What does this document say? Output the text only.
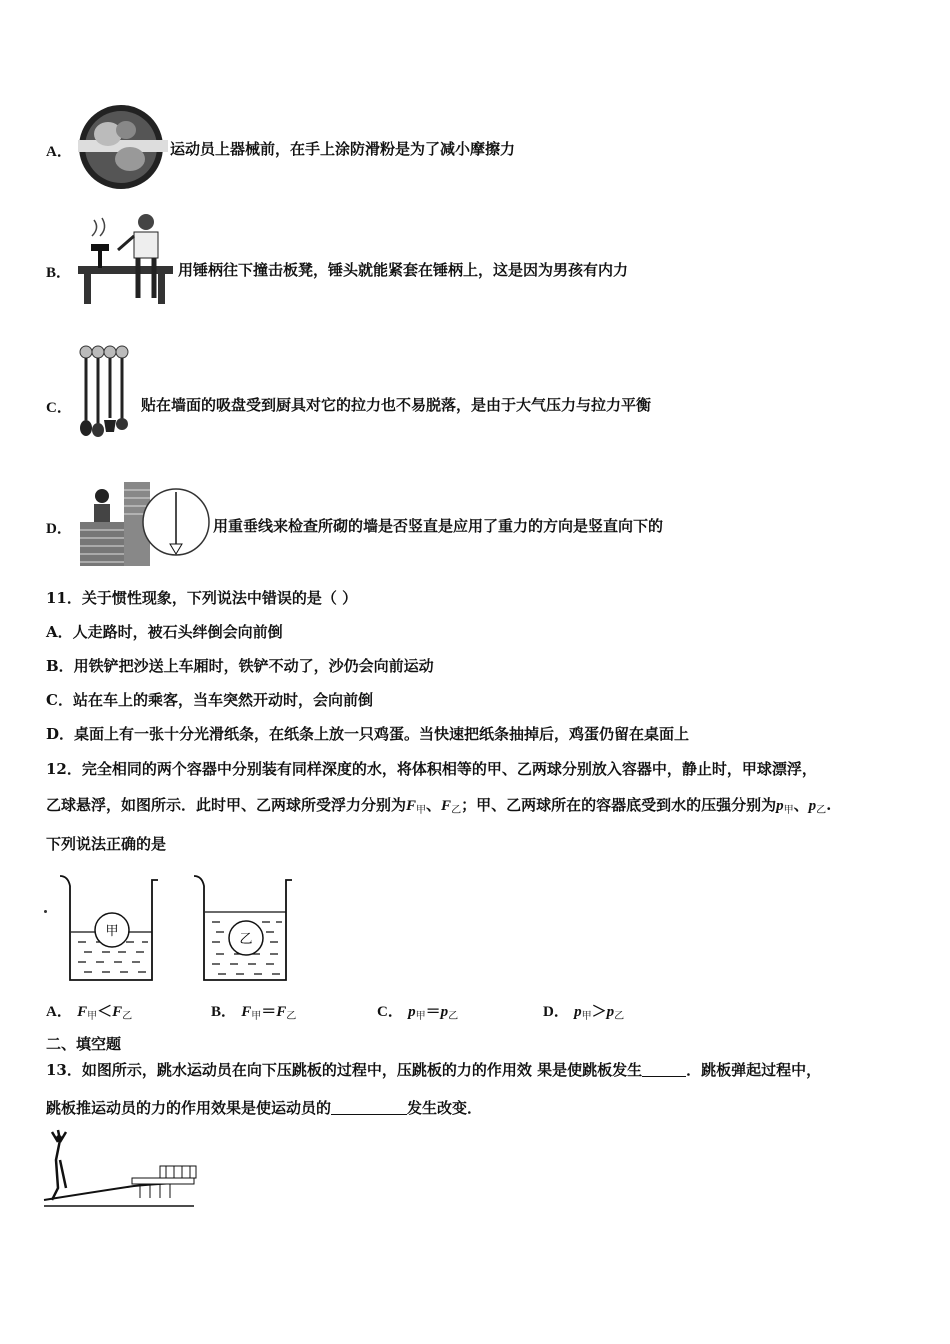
A．	运动员上器械前，在手上涂防滑粉是为了减小摩擦力
B．	用锤柄往下撞击板凳，锤头就能紧套在锤柄上，这是因为男孩有内力
C．	贴在墙面的吸盘受到厨具对它的拉力也不易脱落，是由于大气压力与拉力平衡
D．	用重垂线来检查所砌的墙是否竖直是应用了重力的方向是竖直向下的
11．关于惯性现象，下列说法中错误的是（ ）
A．人走路时，被石头绊倒会向前倒
B．用铁铲把沙送上车厢时，铁铲不动了，沙仍会向前运动
C．站在车上的乘客，当车突然开动时，会向前倒
D．桌面上有一张十分光滑纸条，在纸条上放一只鸡蛋。当快速把纸条抽掉后，鸡蛋仍留在桌面上
12．完全相同的两个容器中分别装有同样深度的水，将体积相等的甲、乙两球分别放入容器中，静止时，甲球漂浮，
乙球悬浮，如图所示．此时甲、乙两球所受浮力分别为$F_甲$、$F_乙$；甲、乙两球所在的容器底受到水的压强分别为$p_甲$、$p_乙$.
下列说法正确的是
甲
乙
A． $F_甲<F_乙$	B． $F_甲=F_乙$	C． $p_甲=p_乙$	D． $p_甲>p_乙$
二、填空题
13．如图所示，跳水运动员在向下压跳板的过程中，压跳板的力的作用效 果是使跳板发生	．跳板弹起过程中，
跳板推运动员的力的作用效果是使运动员的	发生改变．
